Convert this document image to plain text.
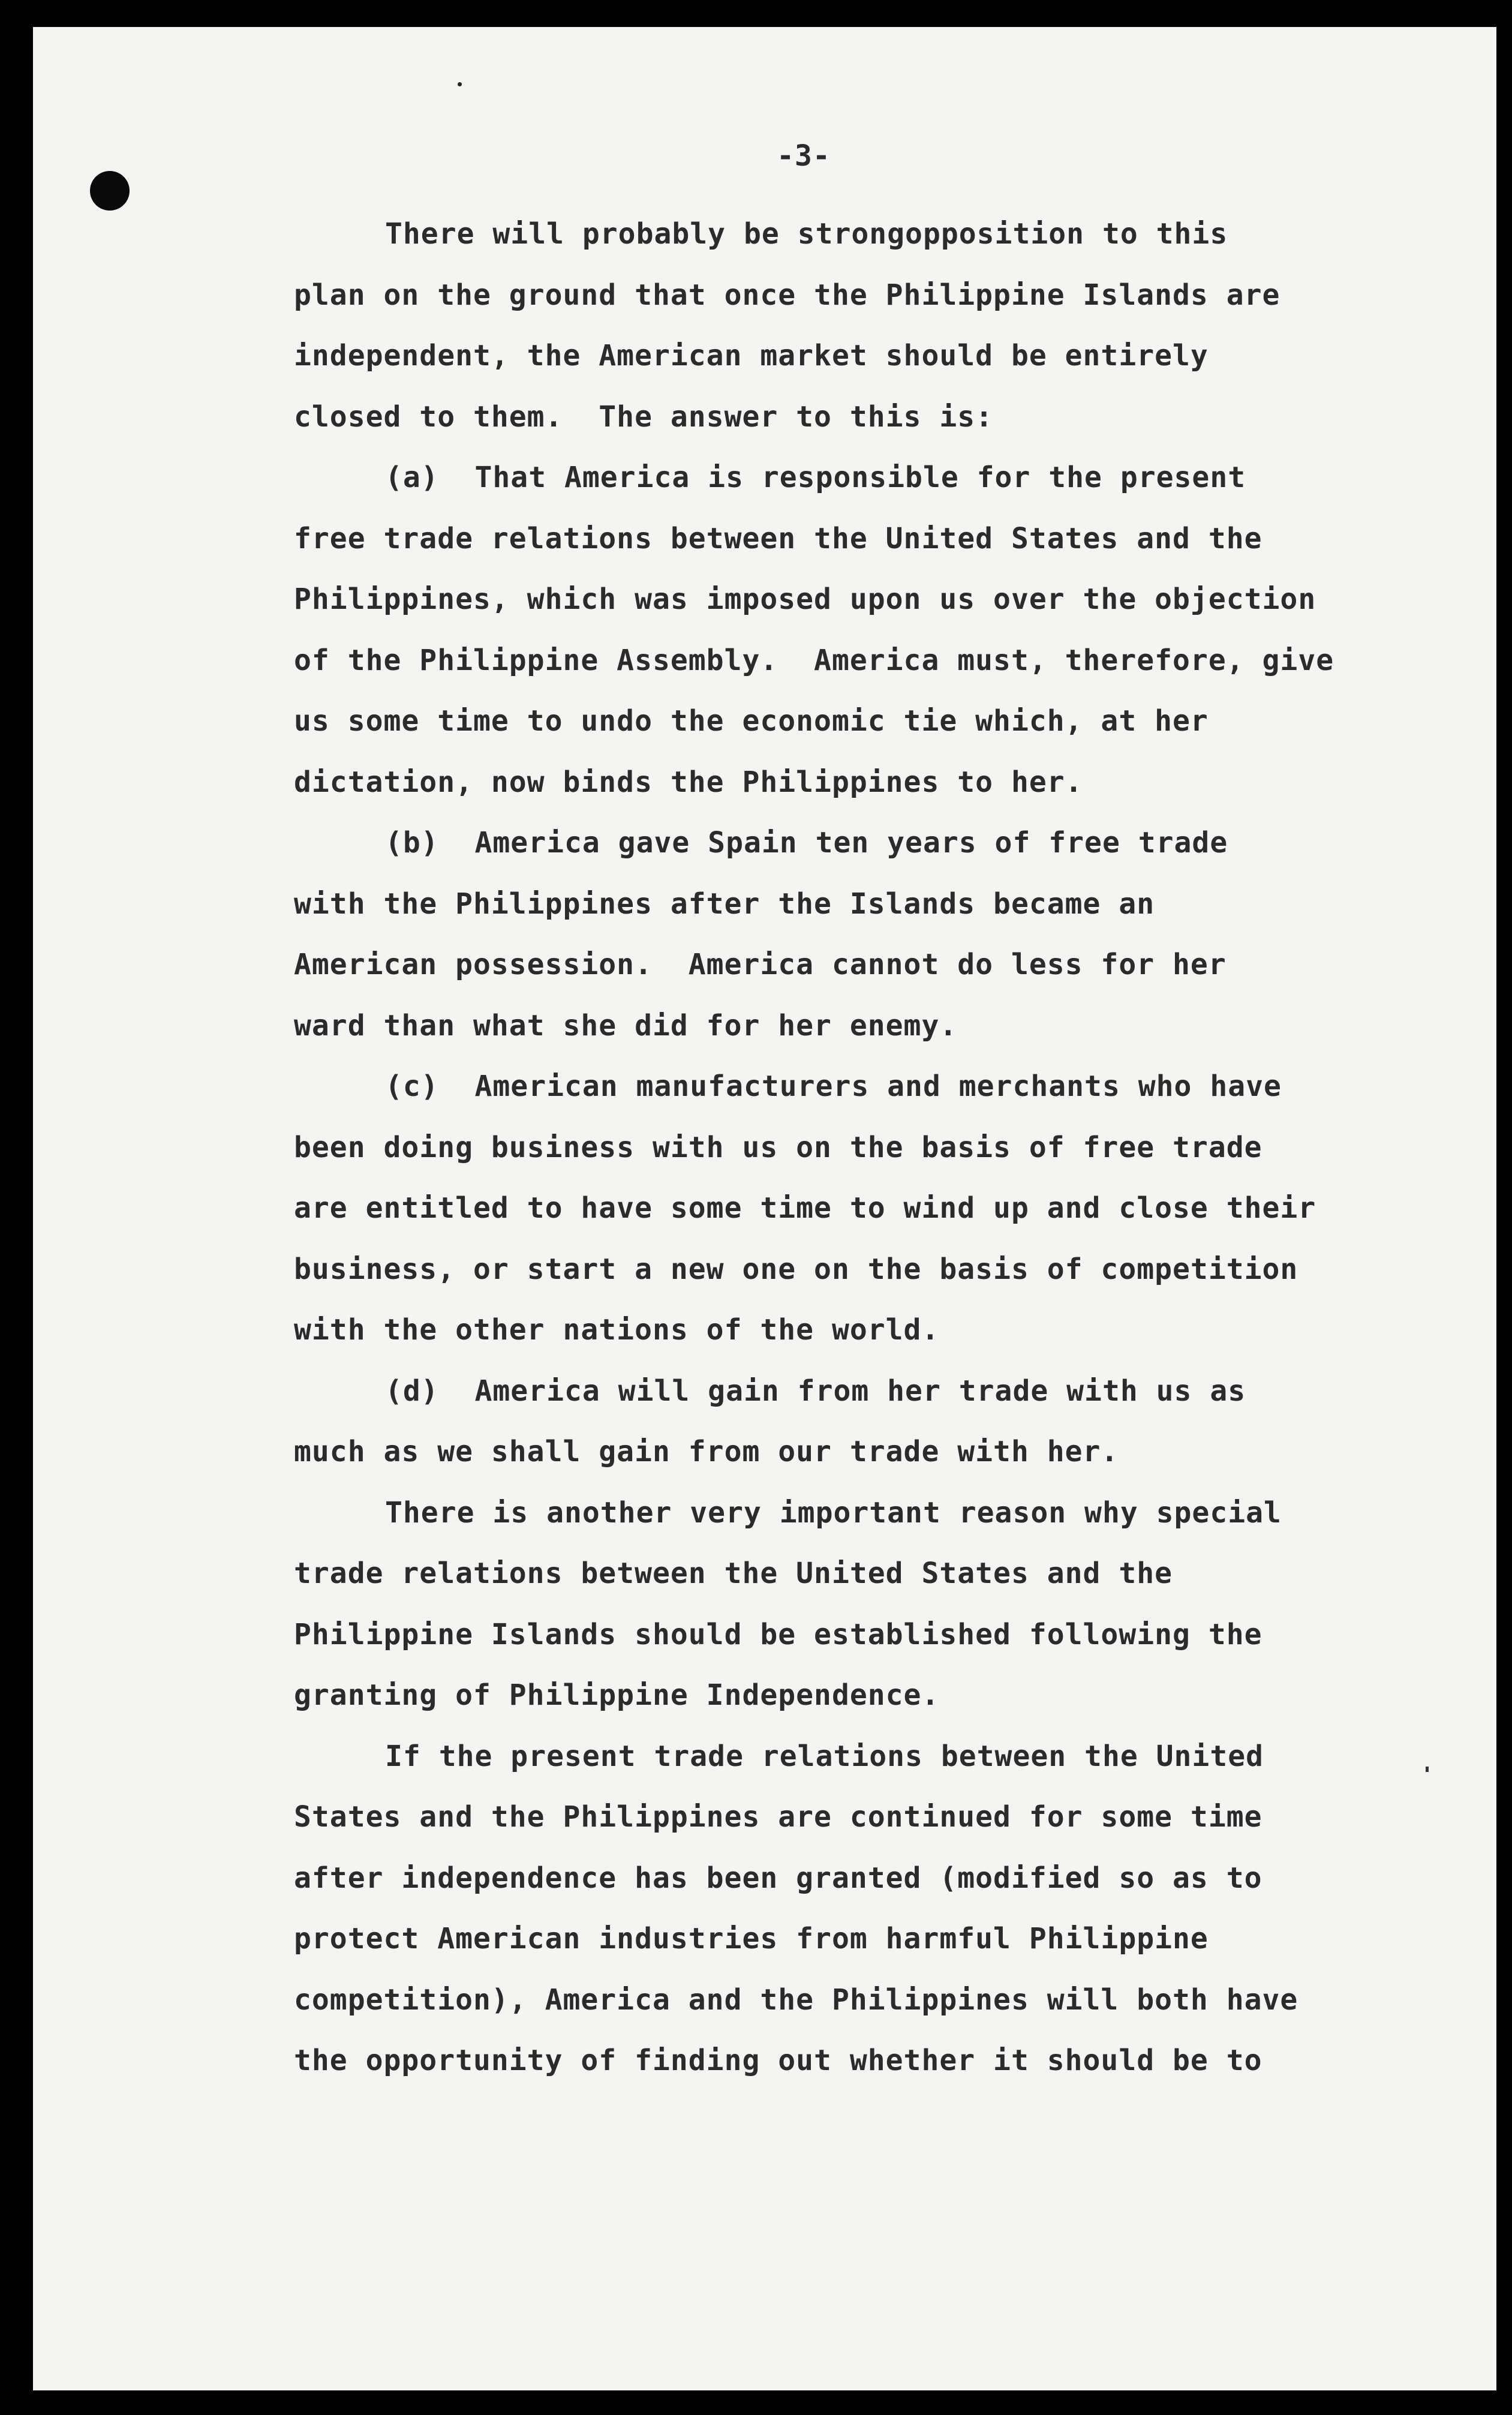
-3-
There will probably be strongopposition to this
plan on the ground that once the Philippine Islands are
independent, the American market should be entirely
closed to them.  The answer to this is:
(a)  That America is responsible for the present
free trade relations between the United States and the
Philippines, which was imposed upon us over the objection
of the Philippine Assembly.  America must, therefore, give
us some time to undo the economic tie which, at her
dictation, now binds the Philippines to her.
(b)  America gave Spain ten years of free trade
with the Philippines after the Islands became an
American possession.  America cannot do less for her
ward than what she did for her enemy.
(c)  American manufacturers and merchants who have
been doing business with us on the basis of free trade
are entitled to have some time to wind up and close their
business, or start a new one on the basis of competition
with the other nations of the world.
(d)  America will gain from her trade with us as
much as we shall gain from our trade with her.
There is another very important reason why special
trade relations between the United States and the
Philippine Islands should be established following the
granting of Philippine Independence.
If the present trade relations between the United
States and the Philippines are continued for some time
after independence has been granted (modified so as to
protect American industries from harmful Philippine
competition), America and the Philippines will both have
the opportunity of finding out whether it should be to
